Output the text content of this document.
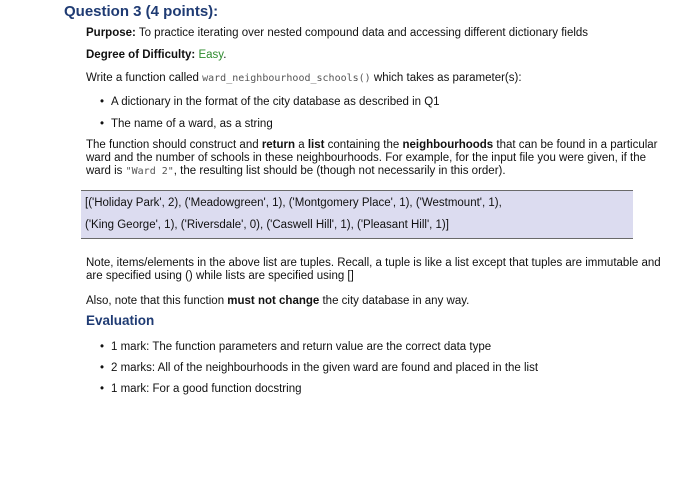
Question 3 (4 points):

Purpose: To practice iterating over nested compound data and accessing different dictionary fields

Degree of Difficulty: Easy.

Write a function called ward_neighbourhood_schools() which takes as parameter(s):

• A dictionary in the format of the city database as described in Q1
• The name of a ward, as a string

The function should construct and return a list containing the neighbourhoods that can be found in a particular ward and the number of schools in these neighbourhoods. For example, for the input file you were given, if the ward is "Ward 2", the resulting list should be (though not necessarily in this order).

[('Holiday Park', 2), ('Meadowgreen', 1), ('Montgomery Place', 1), ('Westmount', 1),

('King George', 1), ('Riversdale', 0), ('Caswell Hill', 1), ('Pleasant Hill', 1)]

Note, items/elements in the above list are tuples. Recall, a tuple is like a list except that tuples are immutable and are specified using () while lists are specified using []

Also, note that this function must not change the city database in any way.

Evaluation
• 1 mark: The function parameters and return value are the correct data type
• 2 marks: All of the neighbourhoods in the given ward are found and placed in the list
• 1 mark: For a good function docstring
